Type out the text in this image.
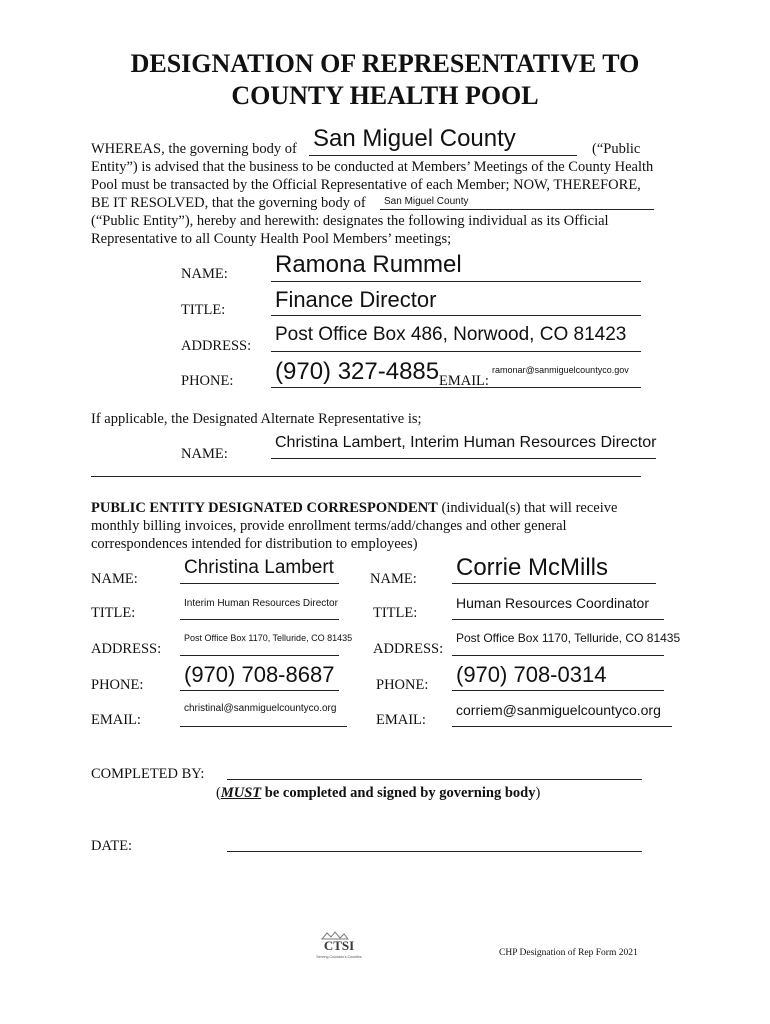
DESIGNATION OF REPRESENTATIVE TO
COUNTY HEALTH POOL
WHEREAS, the governing body of San Miguel County	(“Public
Entity”) is advised that the business to be conducted at Members’ Meetings of the County Health
Pool must be transacted by the Official Representative of each Member; NOW, THEREFORE,
BE IT RESOLVED, that the governing body of San Miguel County
(“Public Entity”), hereby and herewith: designates the following individual as its Official
Representative to all County Health Pool Members’ meetings;
NAME: Ramona Rummel
TITLE: Finance Director
ADDRESS:
Post Office Box 486, Norwood, CO 81423
PHONE: (970) 327-4885 EMAIL:
ramonar@sanmiguelcountyco.gov
If applicable, the Designated Alternate Representative is;
NAME:
Christina Lambert, Interim Human Resources Director
PUBLIC ENTITY DESIGNATED CORRESPONDENT (individual(s) that will receive
monthly billing invoices, provide enrollment terms/add/changes and other general
correspondences intended for distribution to employees)
NAME:
Christina Lambert
TITLE:
Interim Human Resources Director
ADDRESS:
Post Office Box 1170, Telluride, CO 81435
PHONE: (970) 708-8687
EMAIL:
christinal@sanmiguelcountyco.org
NAME: Corrie McMills
TITLE:
Human Resources Coordinator
ADDRESS:
Post Office Box 1170, Telluride, CO 81435
PHONE: (970) 708-0314
EMAIL:
corriem@sanmiguelcountyco.org
COMPLETED BY:
(MUST be completed and signed by governing body)
DATE:
CTSI
Serving Colorado's Counties	CHP Designation of Rep Form 2021
